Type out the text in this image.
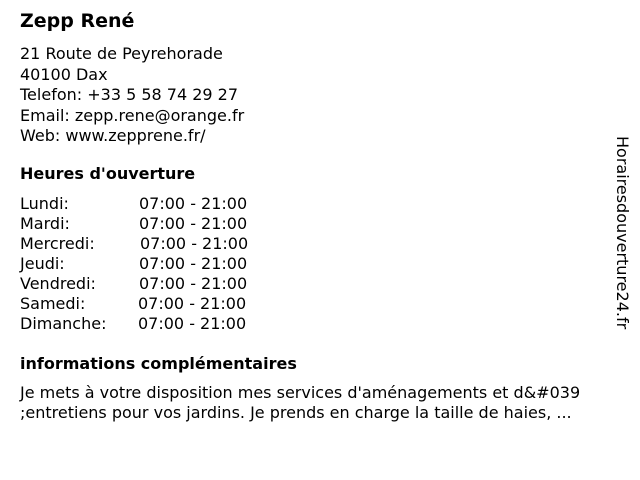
Zepp René
21 Route de Peyrehorade
40100 Dax
Telefon: +33 5 58 74 29 27
Email: zepp.rene@orange.fr
Web: www.zepprene.fr/
Heures d'ouverture
Lundi:	07:00 - 21:00
Mardi:	07:00 - 21:00
Mercredi:	07:00 - 21:00
Jeudi:	07:00 - 21:00
Vendredi:	07:00 - 21:00
Samedi:	07:00 - 21:00
Dimanche: 07:00 - 21:00
informations complémentaires
Je mets à votre disposition mes services d'aménagements et d&#039
;entretiens pour vos jardins. Je prends en charge la taille de haies, ...
Horairesdouverture24.fr
